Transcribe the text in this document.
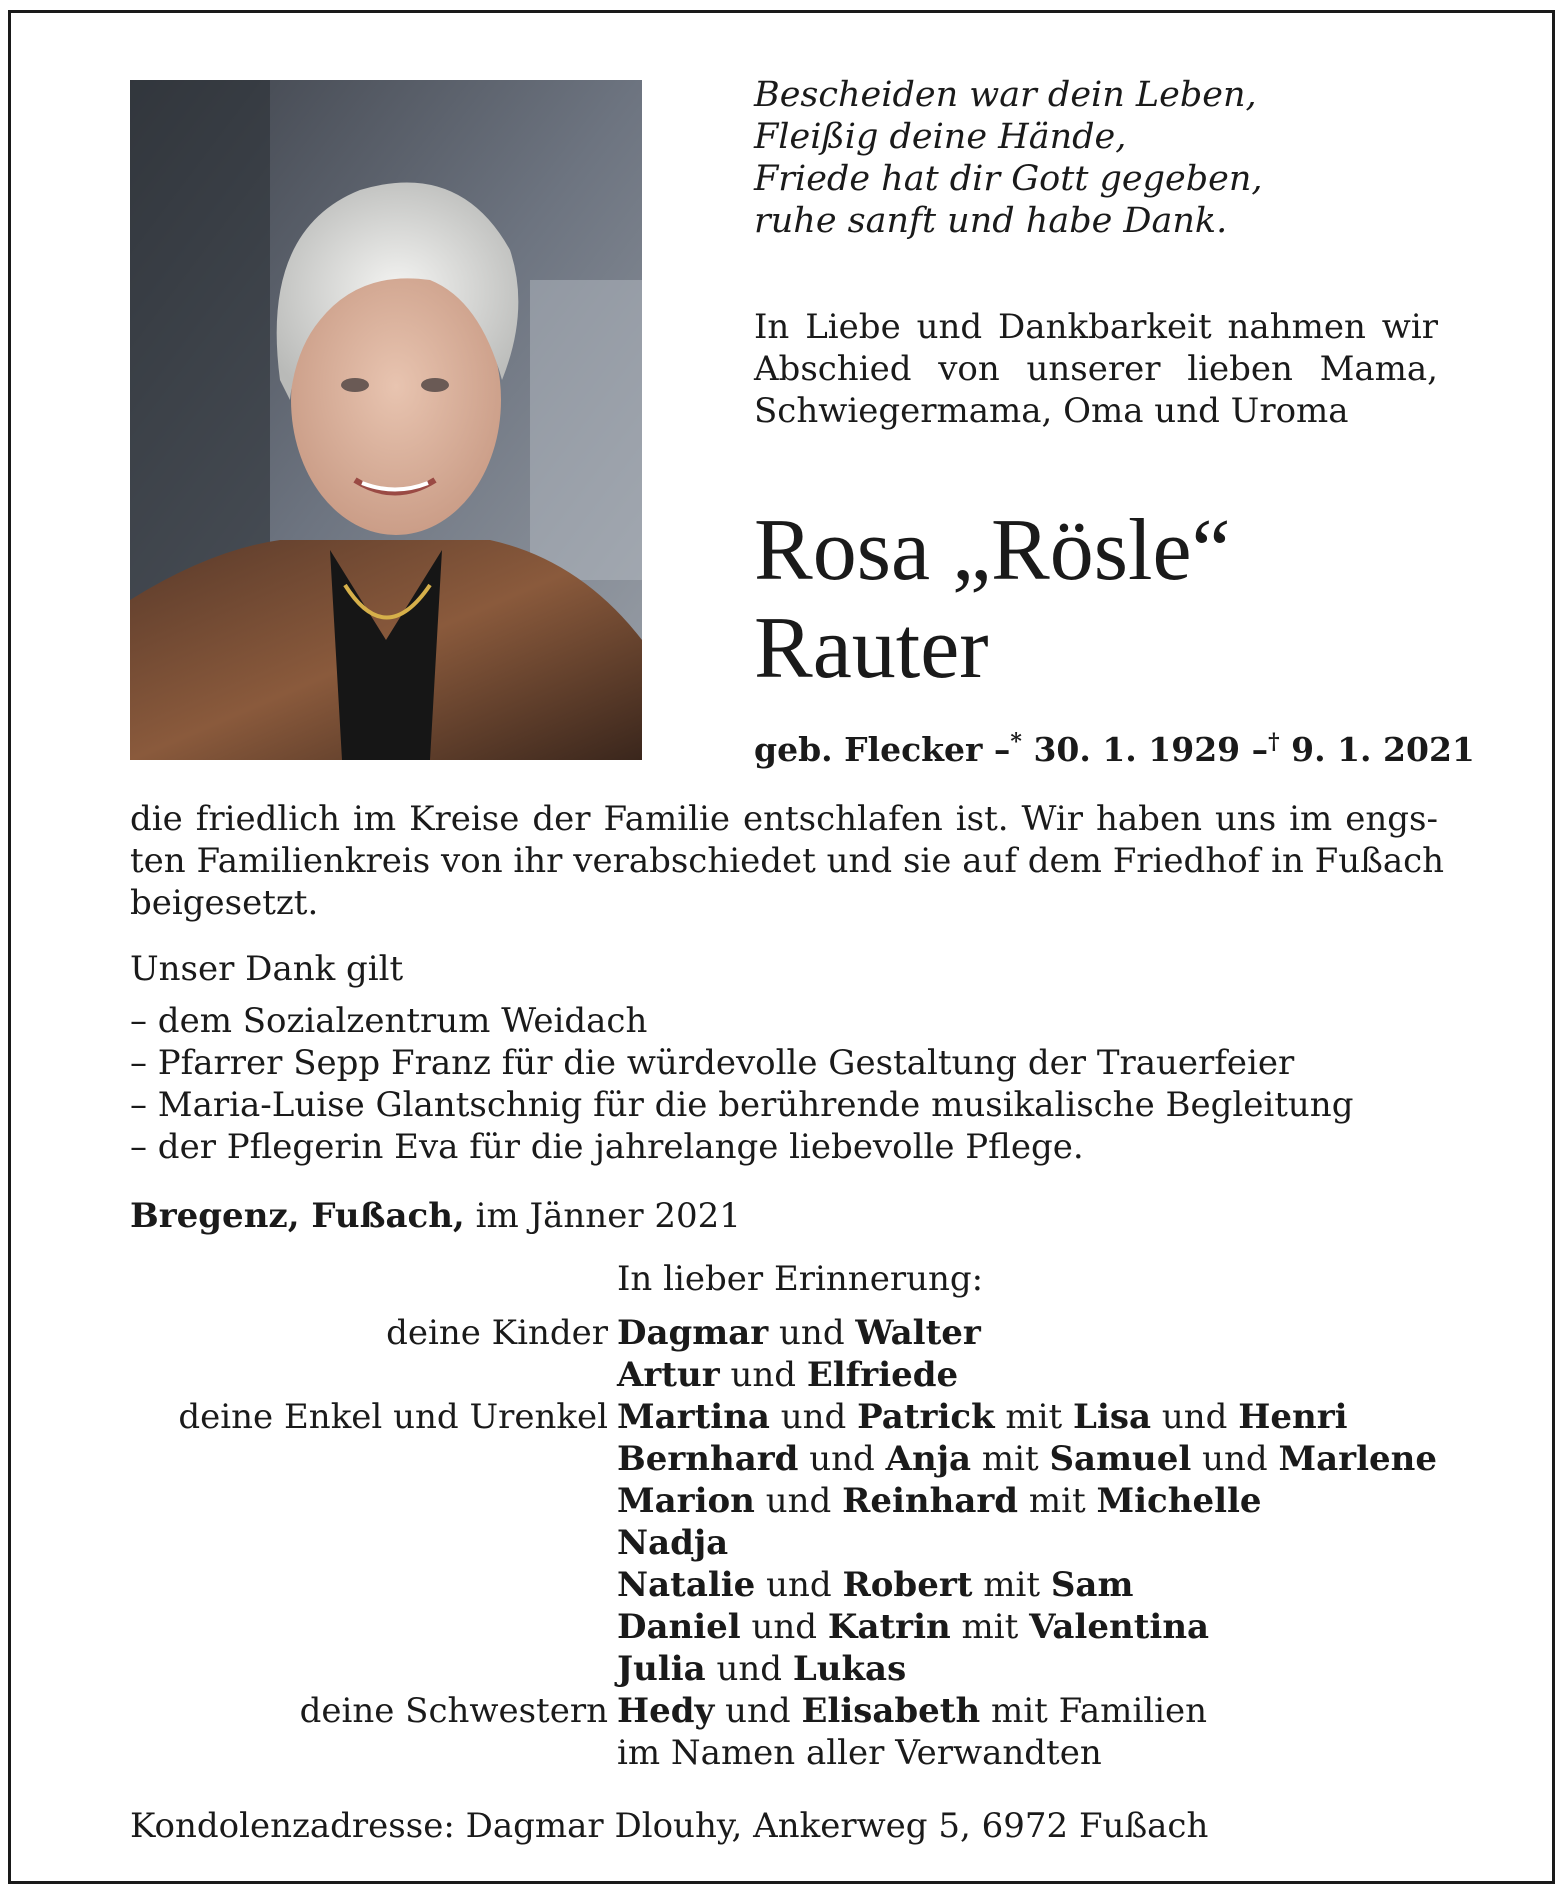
Bescheiden war dein Leben,
Fleißig deine Hände,
Friede hat dir Gott gegeben,
ruhe sanft und habe Dank.
In Liebe und Dankbarkeit nahmen wir
Abschied von unserer lieben Mama,
Schwiegermama, Oma und Uroma
Rosa „Rösle“
Rauter
geb. Flecker –* 30. 1. 1929 –† 9. 1. 2021
die friedlich im Kreise der Familie entschlafen ist. Wir haben uns im engs-
ten Familienkreis von ihr verabschiedet und sie auf dem Friedhof in Fußach
beigesetzt.
Unser Dank gilt
– dem Sozialzentrum Weidach
– Pfarrer Sepp Franz für die würdevolle Gestaltung der Trauerfeier
– Maria-Luise Glantschnig für die berührende musikalische Begleitung
– der Pflegerin Eva für die jahrelange liebevolle Pflege.
Bregenz, Fußach, im Jänner 2021
In lieber Erinnerung:
deine Kinder Dagmar und Walter
Artur und Elfriede
deine Enkel und Urenkel Martina und Patrick mit Lisa und Henri
Bernhard und Anja mit Samuel und Marlene
Marion und Reinhard mit Michelle
Nadja
Natalie und Robert mit Sam
Daniel und Katrin mit Valentina
Julia und Lukas
deine Schwestern Hedy und Elisabeth mit Familien
im Namen aller Verwandten
Kondolenzadresse: Dagmar Dlouhy, Ankerweg 5, 6972 Fußach
